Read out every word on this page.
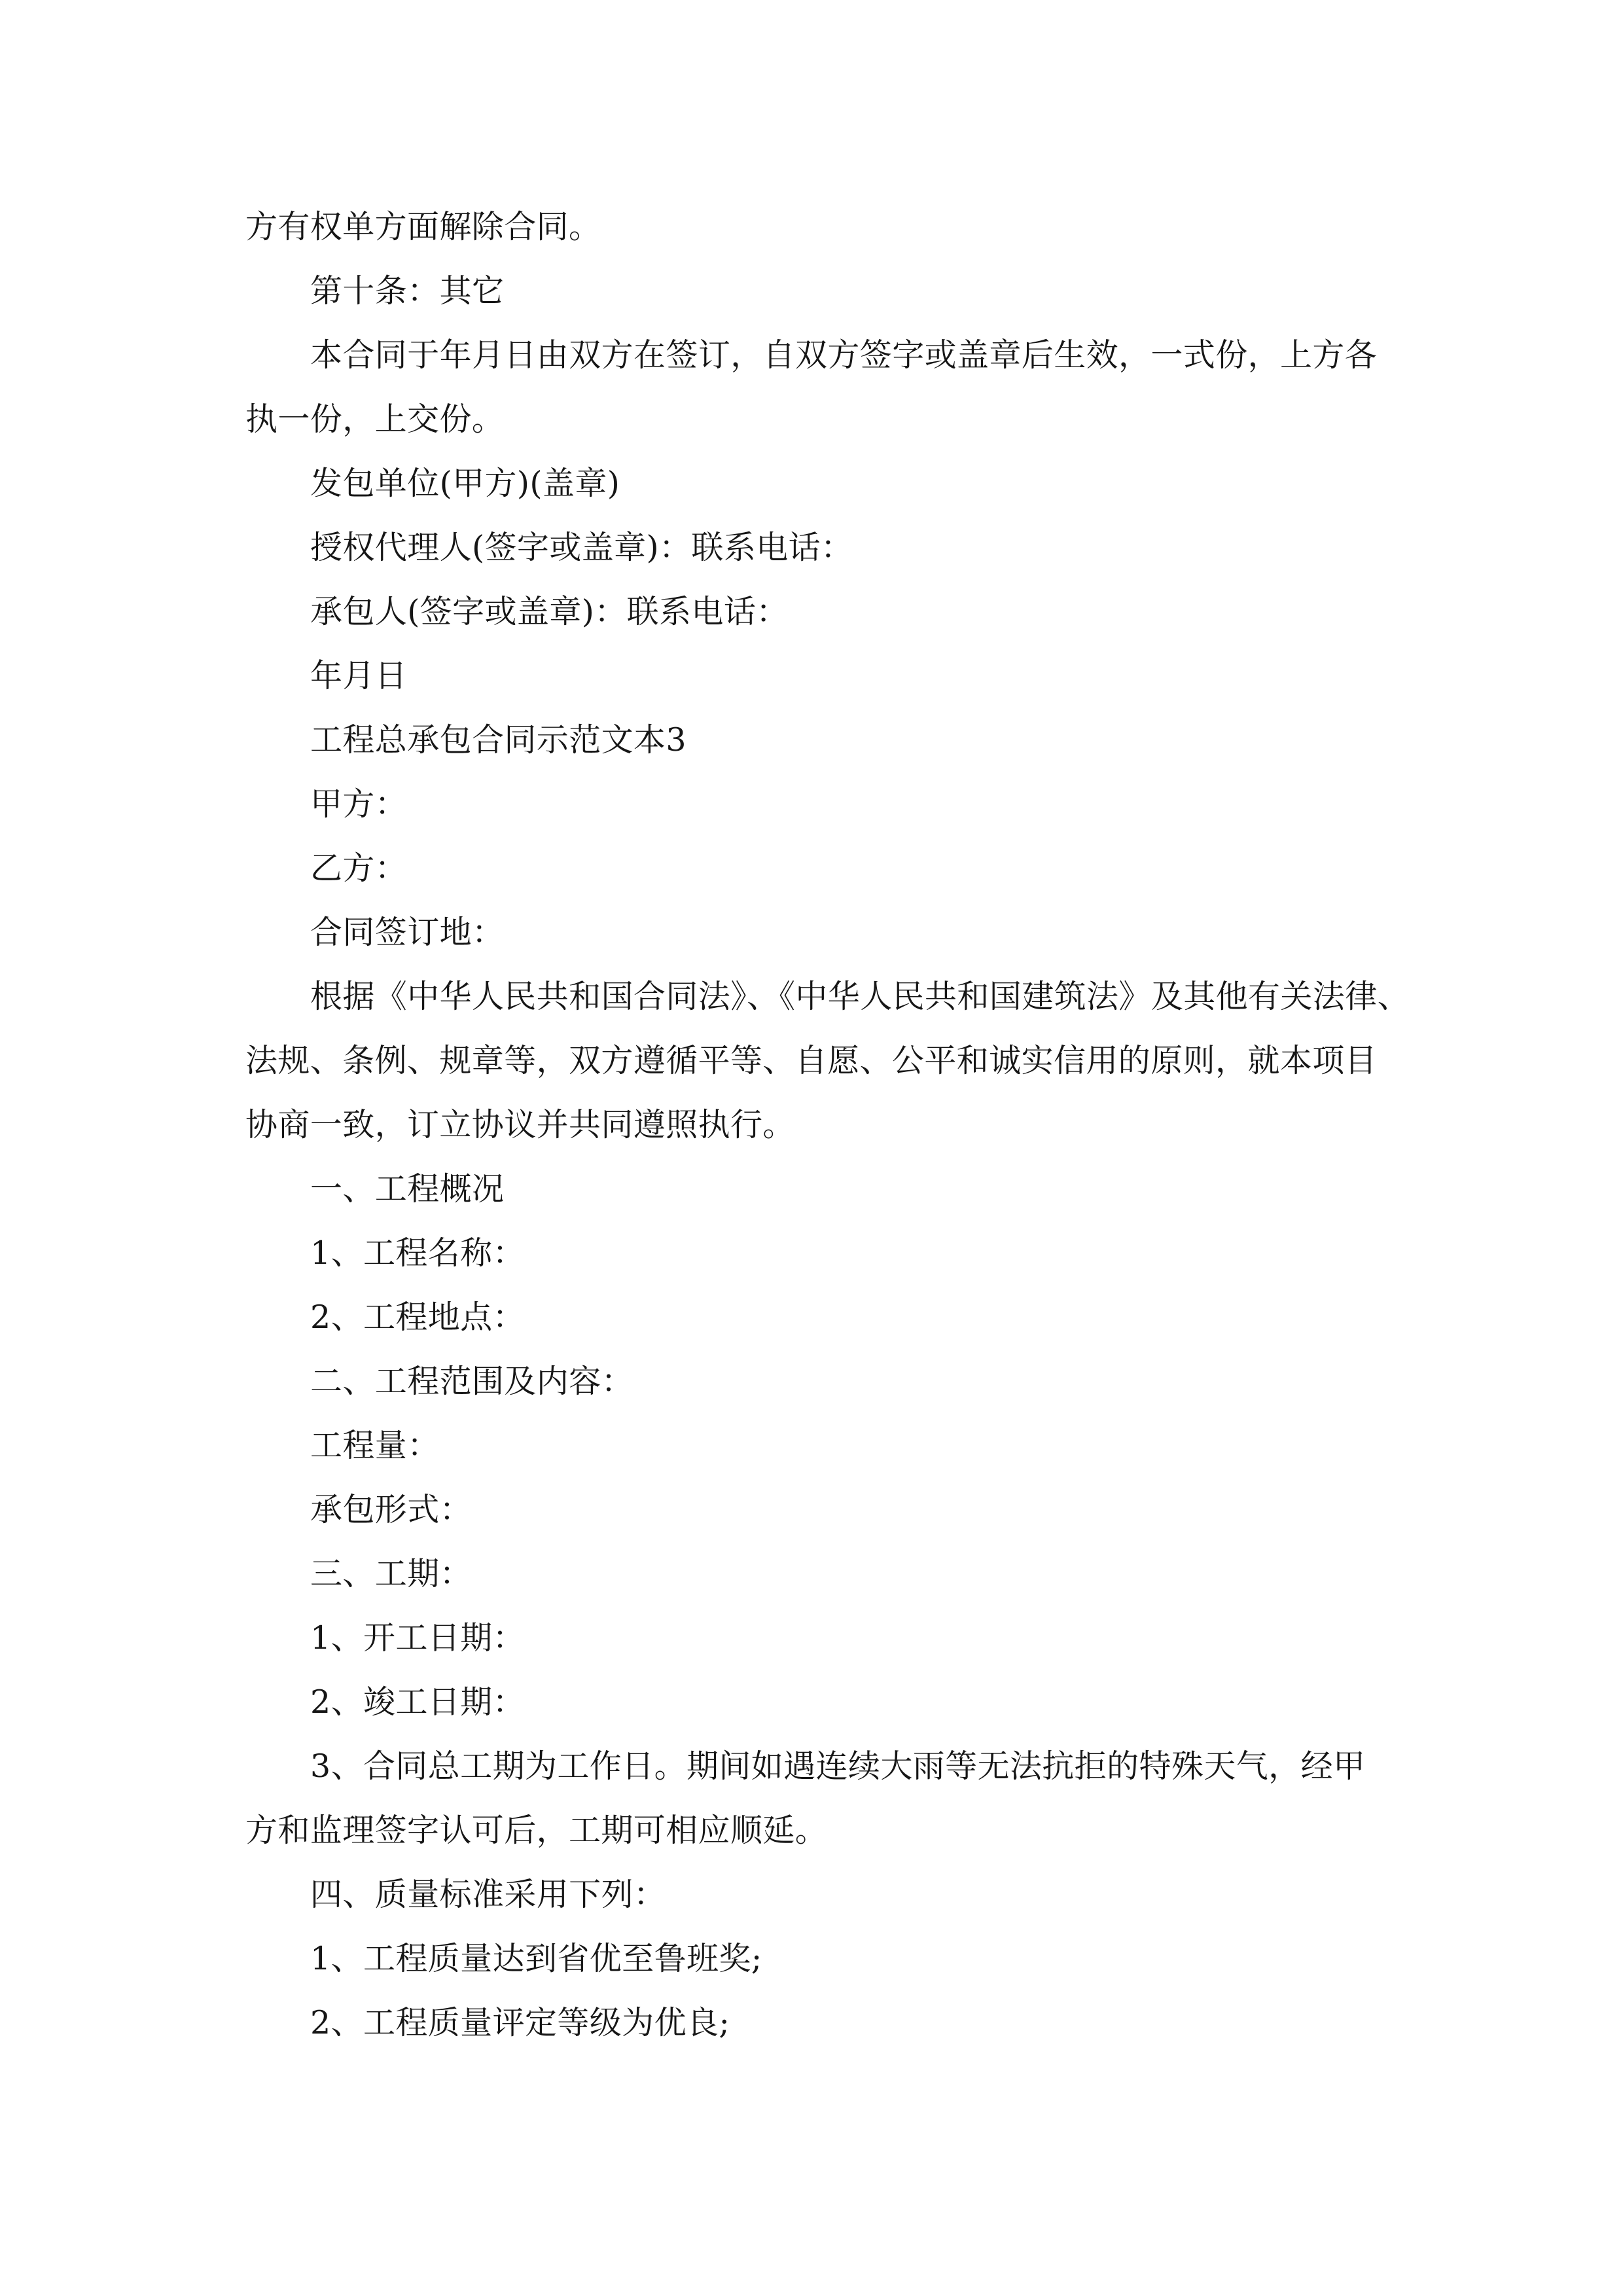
方有权单方面解除合同。
第十条：其它
本合同于年月日由双方在签订，自双方签字或盖章后生效，一式份，上方各
执一份，上交份。
发包单位(甲方)(盖章)
授权代理人(签字或盖章)：联系电话：
承包人(签字或盖章)：联系电话：
年月日
工程总承包合同示范文本3
甲方：
乙方：
合同签订地：
根据《中华人民共和国合同法》、《中华人民共和国建筑法》及其他有关法律、
法规、条例、规章等，双方遵循平等、自愿、公平和诚实信用的原则，就本项目
协商一致，订立协议并共同遵照执行。
一、工程概况
1、工程名称：
2、工程地点：
二、工程范围及内容：
工程量：
承包形式：
三、工期：
1、开工日期：
2、竣工日期：
3、合同总工期为工作日。期间如遇连续大雨等无法抗拒的特殊天气，经甲
方和监理签字认可后，工期可相应顺延。
四、质量标准采用下列：
1、工程质量达到省优至鲁班奖;
2、工程质量评定等级为优良;
